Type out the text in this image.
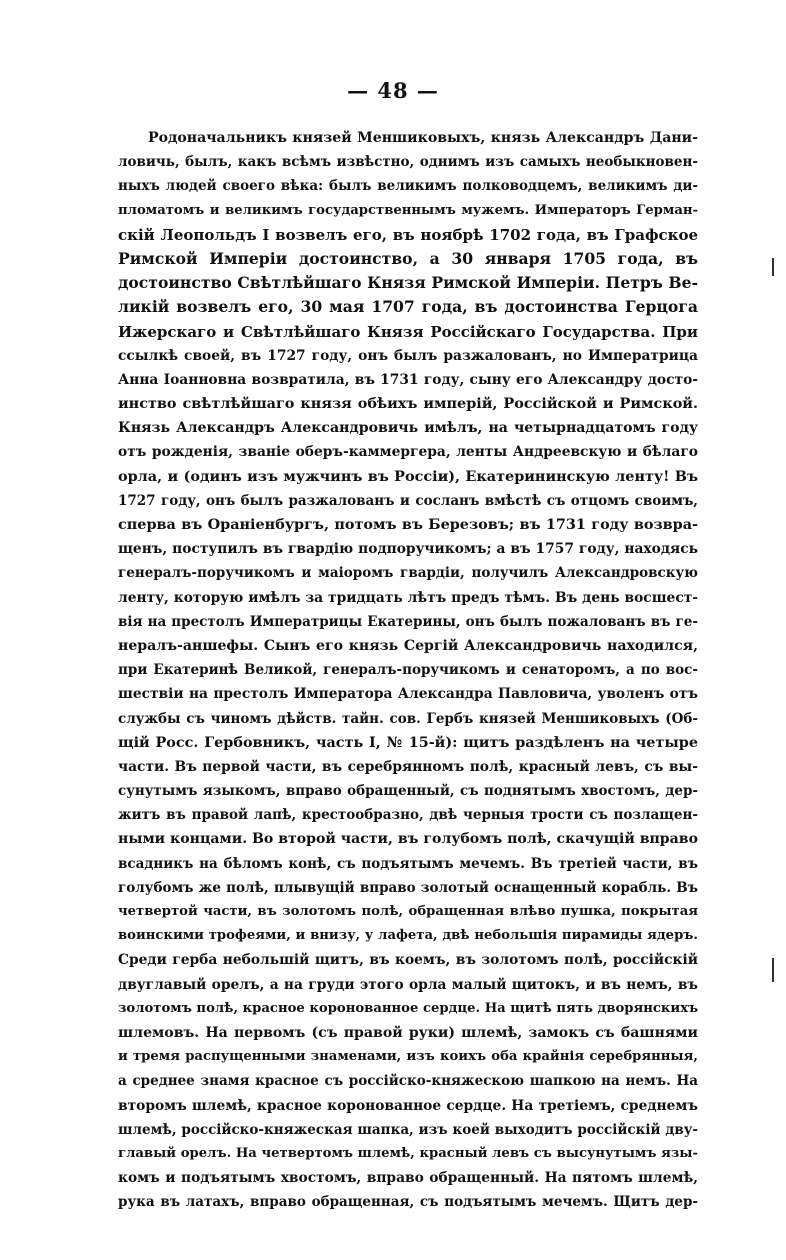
— 48 —
Родоначальникъ князей Меншиковыхъ, князь Александръ Дани-
ловичь, былъ, какъ всѣмъ извѣстно, однимъ изъ самыхъ необыкновен-
ныхъ людей своего вѣка: былъ великимъ полководцемъ, великимъ ди-
пломатомъ и великимъ государственнымъ мужемъ. Императоръ Герман-
скій Леопольдъ I возвелъ его, въ ноябрѣ 1702 года, въ Графское
Римской Имперіи достоинство, а 30 января 1705 года, въ
достоинство Свѣтлѣйшаго Князя Римской Имперіи. Петръ Ве-
ликій возвелъ его, 30 мая 1707 года, въ достоинства Герцога
Ижерскаго и Свѣтлѣйшаго Князя Россійскаго Государства. При
ссылкѣ своей, въ 1727 году, онъ былъ разжалованъ, но Императрица
Анна Іоанновна возвратила, въ 1731 году, сыну его Александру досто-
инство свѣтлѣйшаго князя обѣихъ имперій, Россійской и Римской.
Князь Александръ Александровичь имѣлъ, на четырнадцатомъ году
отъ рожденія, званіе оберъ-каммергера, ленты Андреевскую и бѣлаго
орла, и (одинъ изъ мужчинъ въ Россіи), Екатерининскую ленту! Въ
1727 году, онъ былъ разжалованъ и сосланъ вмѣстѣ съ отцомъ своимъ,
сперва въ Ораніенбургъ, потомъ въ Березовъ; въ 1731 году возвра-
щенъ, поступилъ въ гвардію подпоручикомъ; а въ 1757 году, находясь
генералъ-поручикомъ и маіоромъ гвардіи, получилъ Александровскую
ленту, которую имѣлъ за тридцать лѣтъ предъ тѣмъ. Въ день восшест-
вія на престолъ Императрицы Екатерины, онъ былъ пожалованъ въ ге-
нералъ-аншефы. Сынъ его князь Сергій Александровичь находился,
при Екатеринѣ Великой, генералъ-поручикомъ и сенаторомъ, а по вос-
шествіи на престолъ Императора Александра Павловича, уволенъ отъ
службы съ чиномъ дѣйств. тайн. сов. Гербъ князей Меншиковыхъ (Об-
щій Росс. Гербовникъ, часть I, № 15-й): щитъ раздѣленъ на четыре
части. Въ первой части, въ серебрянномъ полѣ, красный левъ, съ вы-
сунутымъ языкомъ, вправо обращенный, съ поднятымъ хвостомъ, дер-
житъ въ правой лапѣ, крестообразно, двѣ черныя трости съ позлащен-
ными концами. Во второй части, въ голубомъ полѣ, скачущій вправо
всадникъ на бѣломъ конѣ, съ подъятымъ мечемъ. Въ третіей части, въ
голубомъ же полѣ, плывущій вправо золотый оснащенный корабль. Въ
четвертой части, въ золотомъ полѣ, обращенная влѣво пушка, покрытая
воинскими трофеями, и внизу, у лафета, двѣ небольшія пирамиды ядеръ.
Среди герба небольшій щитъ, въ коемъ, въ золотомъ полѣ, россійскій
двуглавый орелъ, а на груди этого орла малый щитокъ, и въ немъ, въ
золотомъ полѣ, красное коронованное сердце. На щитѣ пять дворянскихъ
шлемовъ. На первомъ (съ правой руки) шлемѣ, замокъ съ башнями
и тремя распущенными знаменами, изъ коихъ оба крайнія серебрянныя,
а среднее знамя красное съ россійско-княжескою шапкою на немъ. На
второмъ шлемѣ, красное коронованное сердце. На третіемъ, среднемъ
шлемѣ, россійско-княжеская шапка, изъ коей выходитъ россійскій дву-
главый орелъ. На четвертомъ шлемѣ, красный левъ съ высунутымъ язы-
комъ и подъятымъ хвостомъ, вправо обращенный. На пятомъ шлемѣ,
рука въ латахъ, вправо обращенная, съ подъятымъ мечемъ. Щитъ дер-
